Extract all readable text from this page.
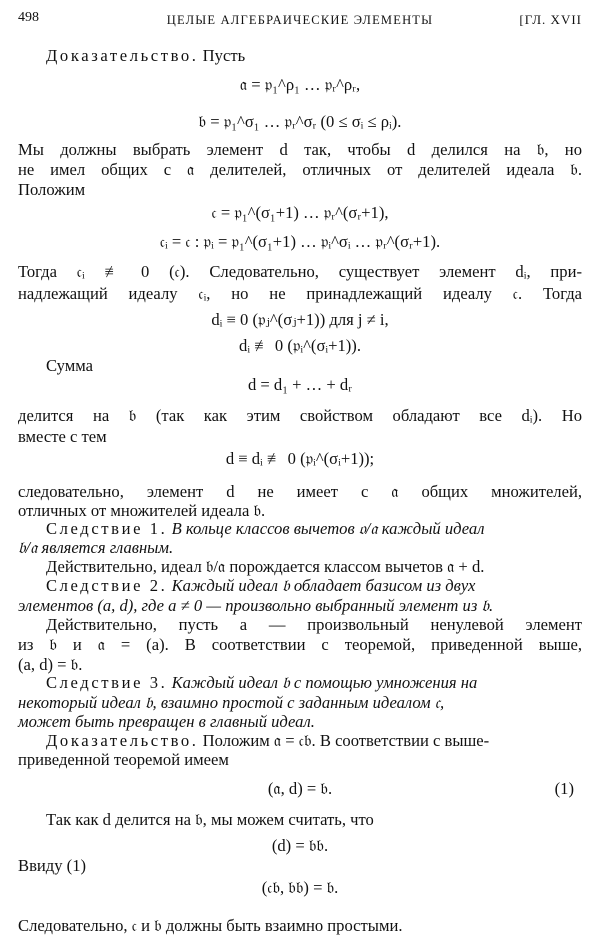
498	ЦЕЛЫЕ АЛГЕБРАИЧЕСКИЕ ЭЛЕМЕНТЫ	[ГЛ. XVII
Доказательство. Пусть
𝔞 = 𝔭₁^ρ₁ … 𝔭ᵣ^ρᵣ,
𝔟 = 𝔭₁^σ₁ … 𝔭ᵣ^σᵣ (0 ≤ σᵢ ≤ ρᵢ).
Мы должны выбрать элемент d так, чтобы d делился на 𝔟, но
не имел общих с 𝔞 делителей, отличных от делителей идеала 𝔟.
Положим
𝔠 = 𝔭₁^(σ₁+1) … 𝔭ᵣ^(σᵣ+1),
𝔠ᵢ = 𝔠 : 𝔭ᵢ = 𝔭₁^(σ₁+1) … 𝔭ᵢ^σᵢ … 𝔭ᵣ^(σᵣ+1).
Тогда 𝔠ᵢ ≢ 0 (𝔠). Следовательно, существует элемент dᵢ, при-
надлежащий идеалу 𝔠ᵢ, но не принадлежащий идеалу 𝔠. Тогда
dᵢ ≡ 0 (𝔭ⱼ^(σⱼ+1)) для j ≠ i,
dᵢ ≢ 0 (𝔭ᵢ^(σᵢ+1)).
Сумма
d = d₁ + … + dᵣ
делится на 𝔟 (так как этим свойством обладают все dᵢ). Но
вместе с тем
d ≡ dᵢ ≢ 0 (𝔭ᵢ^(σᵢ+1));
следовательно, элемент d не имеет с 𝔞 общих множителей,
отличных от множителей идеала 𝔟.
Следствие 1. В кольце классов вычетов 𝔬/𝔞 каждый идеал
𝔟/𝔞 является главным.
Действительно, идеал 𝔟/𝔞 порождается классом вычетов 𝔞 + d.
Следствие 2. Каждый идеал 𝔟 обладает базисом из двух
элементов (a, d), где a ≠ 0 — произвольно выбранный элемент из 𝔟.
Действительно, пусть a — произвольный ненулевой элемент
из 𝔟 и 𝔞 = (a). В соответствии с теоремой, приведенной выше,
(a, d) = 𝔟.
Следствие 3. Каждый идеал 𝔟 с помощью умножения на
некоторый идеал 𝔟, взаимно простой с заданным идеалом 𝔠,
может быть превращен в главный идеал.
Доказательство. Положим 𝔞 = 𝔠𝔟. В соответствии с выше-
приведенной теоремой имеем
(𝔞, d) = 𝔟.	(1)
Так как d делится на 𝔟, мы можем считать, что
(d) = 𝔟𝔟.
Ввиду (1)
(𝔠𝔟, 𝔟𝔟) = 𝔟.
Следовательно, 𝔠 и 𝔟 должны быть взаимно простыми.
